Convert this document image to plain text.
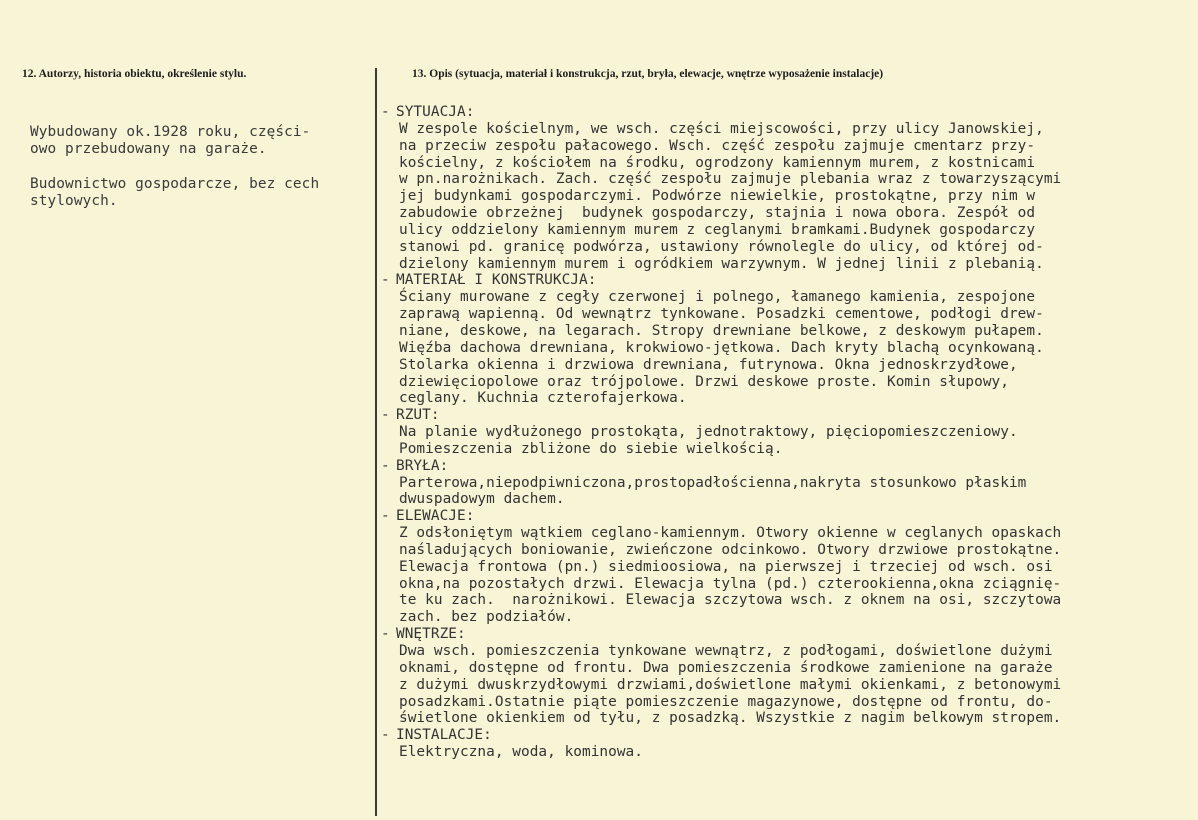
12. Autorzy, historia obiektu, określenie stylu.	13. Opis (sytuacja, materiał i konstrukcja, rzut, bryła, elewacje, wnętrze wyposażenie instalacje)
Wybudowany ok.1928 roku, części-
owo przebudowany na garaże.
Budownictwo gospodarcze, bez cech
stylowych.
- SYTUACJA:
W zespole kościelnym, we wsch. części miejscowości, przy ulicy Janowskiej,
na przeciw zespołu pałacowego. Wsch. część zespołu zajmuje cmentarz przy-
kościelny, z kościołem na środku, ogrodzony kamiennym murem, z kostnicami
w pn.narożnikach. Zach. część zespołu zajmuje plebania wraz z towarzyszącymi
jej budynkami gospodarczymi. Podwórze niewielkie, prostokątne, przy nim w
zabudowie obrzeżnej  budynek gospodarczy, stajnia i nowa obora. Zespół od
ulicy oddzielony kamiennym murem z ceglanymi bramkami.Budynek gospodarczy
stanowi pd. granicę podwórza, ustawiony równolegle do ulicy, od której od-
dzielony kamiennym murem i ogródkiem warzywnym. W jednej linii z plebanią.
- MATERIAŁ I KONSTRUKCJA:
Ściany murowane z cegły czerwonej i polnego, łamanego kamienia, zespojone
zaprawą wapienną. Od wewnątrz tynkowane. Posadzki cementowe, podłogi drew-
niane, deskowe, na legarach. Stropy drewniane belkowe, z deskowym pułapem.
Więźba dachowa drewniana, krokwiowo-jętkowa. Dach kryty blachą ocynkowaną.
Stolarka okienna i drzwiowa drewniana, futrynowa. Okna jednoskrzydłowe,
dziewięciopolowe oraz trójpolowe. Drzwi deskowe proste. Komin słupowy,
ceglany. Kuchnia czterofajerkowa.
- RZUT:
Na planie wydłużonego prostokąta, jednotraktowy, pięciopomieszczeniowy.
Pomieszczenia zbliżone do siebie wielkością.
- BRYŁA:
Parterowa,niepodpiwniczona,prostopadłościenna,nakryta stosunkowo płaskim
dwuspadowym dachem.
- ELEWACJE:
Z odsłoniętym wątkiem ceglano-kamiennym. Otwory okienne w ceglanych opaskach
naśladujących boniowanie, zwieńczone odcinkowo. Otwory drzwiowe prostokątne.
Elewacja frontowa (pn.) siedmioosiowa, na pierwszej i trzeciej od wsch. osi
okna,na pozostałych drzwi. Elewacja tylna (pd.) czterookienna,okna zciągnię-
te ku zach.  narożnikowi. Elewacja szczytowa wsch. z oknem na osi, szczytowa
zach. bez podziałów.
- WNĘTRZE:
Dwa wsch. pomieszczenia tynkowane wewnątrz, z podłogami, doświetlone dużymi
oknami, dostępne od frontu. Dwa pomieszczenia środkowe zamienione na garaże
z dużymi dwuskrzydłowymi drzwiami,doświetlone małymi okienkami, z betonowymi
posadzkami.Ostatnie piąte pomieszczenie magazynowe, dostępne od frontu, do-
świetlone okienkiem od tyłu, z posadzką. Wszystkie z nagim belkowym stropem.
- INSTALACJE:
Elektryczna, woda, kominowa.
